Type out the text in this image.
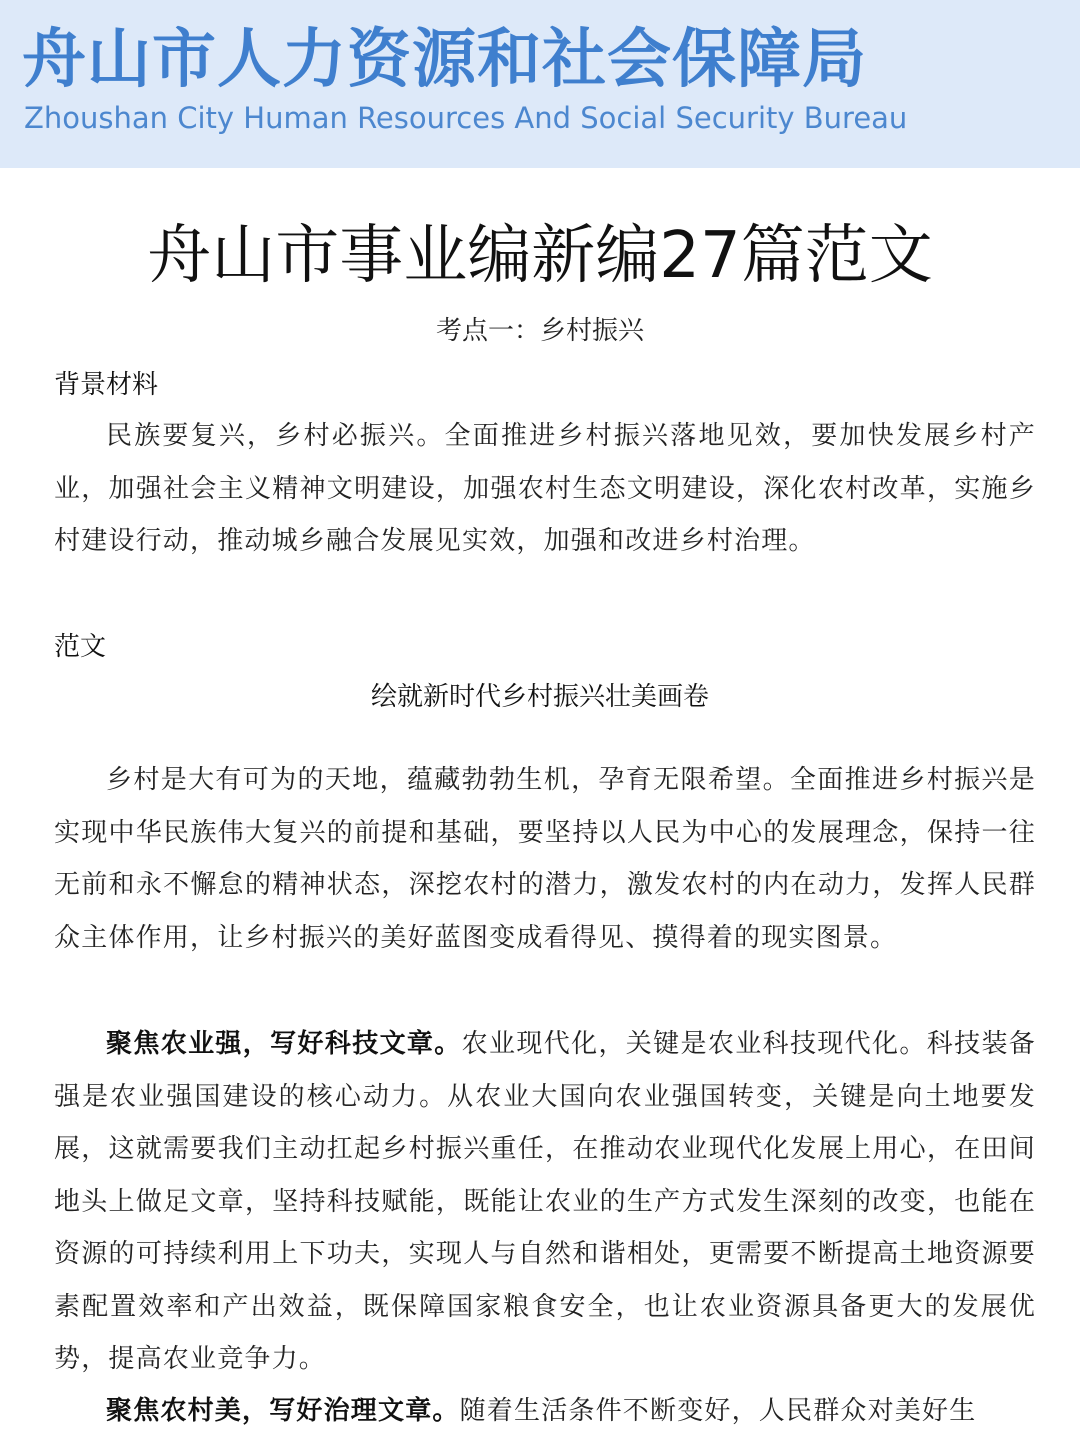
舟山市人力资源和社会保障局
Zhoushan City Human Resources And Social Security Bureau
舟山市事业编新编27篇范文
考点一：乡村振兴
背景材料

民族要复兴，乡村必振兴。全面推进乡村振兴落地见效，要加快发展乡村产业，加强社会主义精神文明建设，加强农村生态文明建设，深化农村改革，实施乡村建设行动，推动城乡融合发展见实效，加强和改进乡村治理。

范文
绘就新时代乡村振兴壮美画卷

乡村是大有可为的天地，蕴藏勃勃生机，孕育无限希望。全面推进乡村振兴是实现中华民族伟大复兴的前提和基础，要坚持以人民为中心的发展理念，保持一往无前和永不懈怠的精神状态，深挖农村的潜力，激发农村的内在动力，发挥人民群众主体作用，让乡村振兴的美好蓝图变成看得见、摸得着的现实图景。

聚焦农业强，写好科技文章。农业现代化，关键是农业科技现代化。科技装备强是农业强国建设的核心动力。从农业大国向农业强国转变，关键是向土地要发展，这就需要我们主动扛起乡村振兴重任，在推动农业现代化发展上用心，在田间地头上做足文章，坚持科技赋能，既能让农业的生产方式发生深刻的改变，也能在资源的可持续利用上下功夫，实现人与自然和谐相处，更需要不断提高土地资源要素配置效率和产出效益，既保障国家粮食安全，也让农业资源具备更大的发展优势，提高农业竞争力。

聚焦农村美，写好治理文章。随着生活条件不断变好，人民群众对美好生
